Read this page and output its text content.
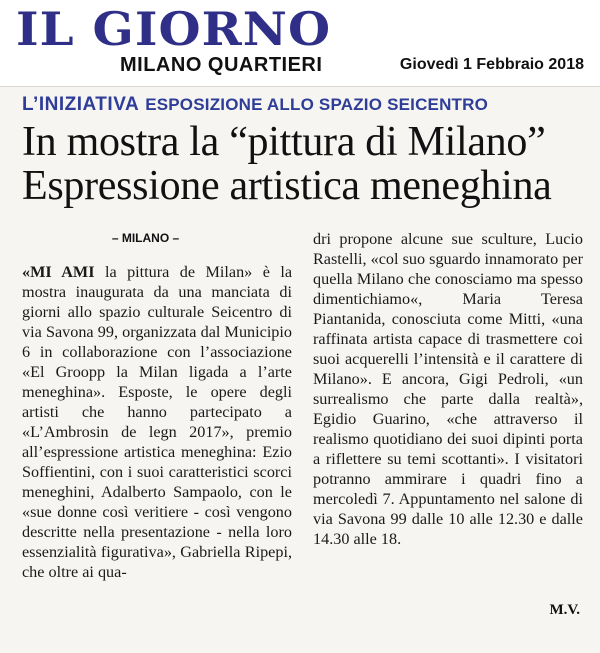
IL GIORNO
MILANO QUARTIERI	Giovedì 1 Febbraio 2018
L’INIZIATIVA ESPOSIZIONE ALLO SPAZIO SEICENTRO
In mostra la “pittura di Milano”
Espressione artistica meneghina
– MILANO –

«MI AMI la pittura de Milan» è la mostra inaugurata da una manciata di giorni allo spazio culturale Seicentro di via Savona 99, organizzata dal Municipio 6 in collaborazione con l’associazione «El Groopp la Milan ligada a l’arte meneghina». Esposte, le opere degli artisti che hanno partecipato a «L’Ambrosin de legn 2017», premio all’espressione artistica meneghina: Ezio Soffientini, con i suoi caratteristici scorci meneghini, Adalberto Sampaolo, con le «sue donne così veritiere - così vengono descritte nella presentazione - nella loro essenzialità figurativa», Gabriella Ripepi, che oltre ai qua-

dri propone alcune sue sculture, Lucio Rastelli, «col suo sguardo innamorato per quella Milano che conosciamo ma spesso dimentichiamo«, Maria Teresa Piantanida, conosciuta come Mitti, «una raffinata artista capace di trasmettere coi suoi acquerelli l’intensità e il carattere di Milano». E ancora, Gigi Pedroli, «un surrealismo che parte dalla realtà», Egidio Guarino, «che attraverso il realismo quotidiano dei suoi dipinti porta a riflettere su temi scottanti». I visitatori potranno ammirare i quadri fino a mercoledì 7. Appuntamento nel salone di via Savona 99 dalle 10 alle 12.30 e dalle 14.30 alle 18.

M.V.
